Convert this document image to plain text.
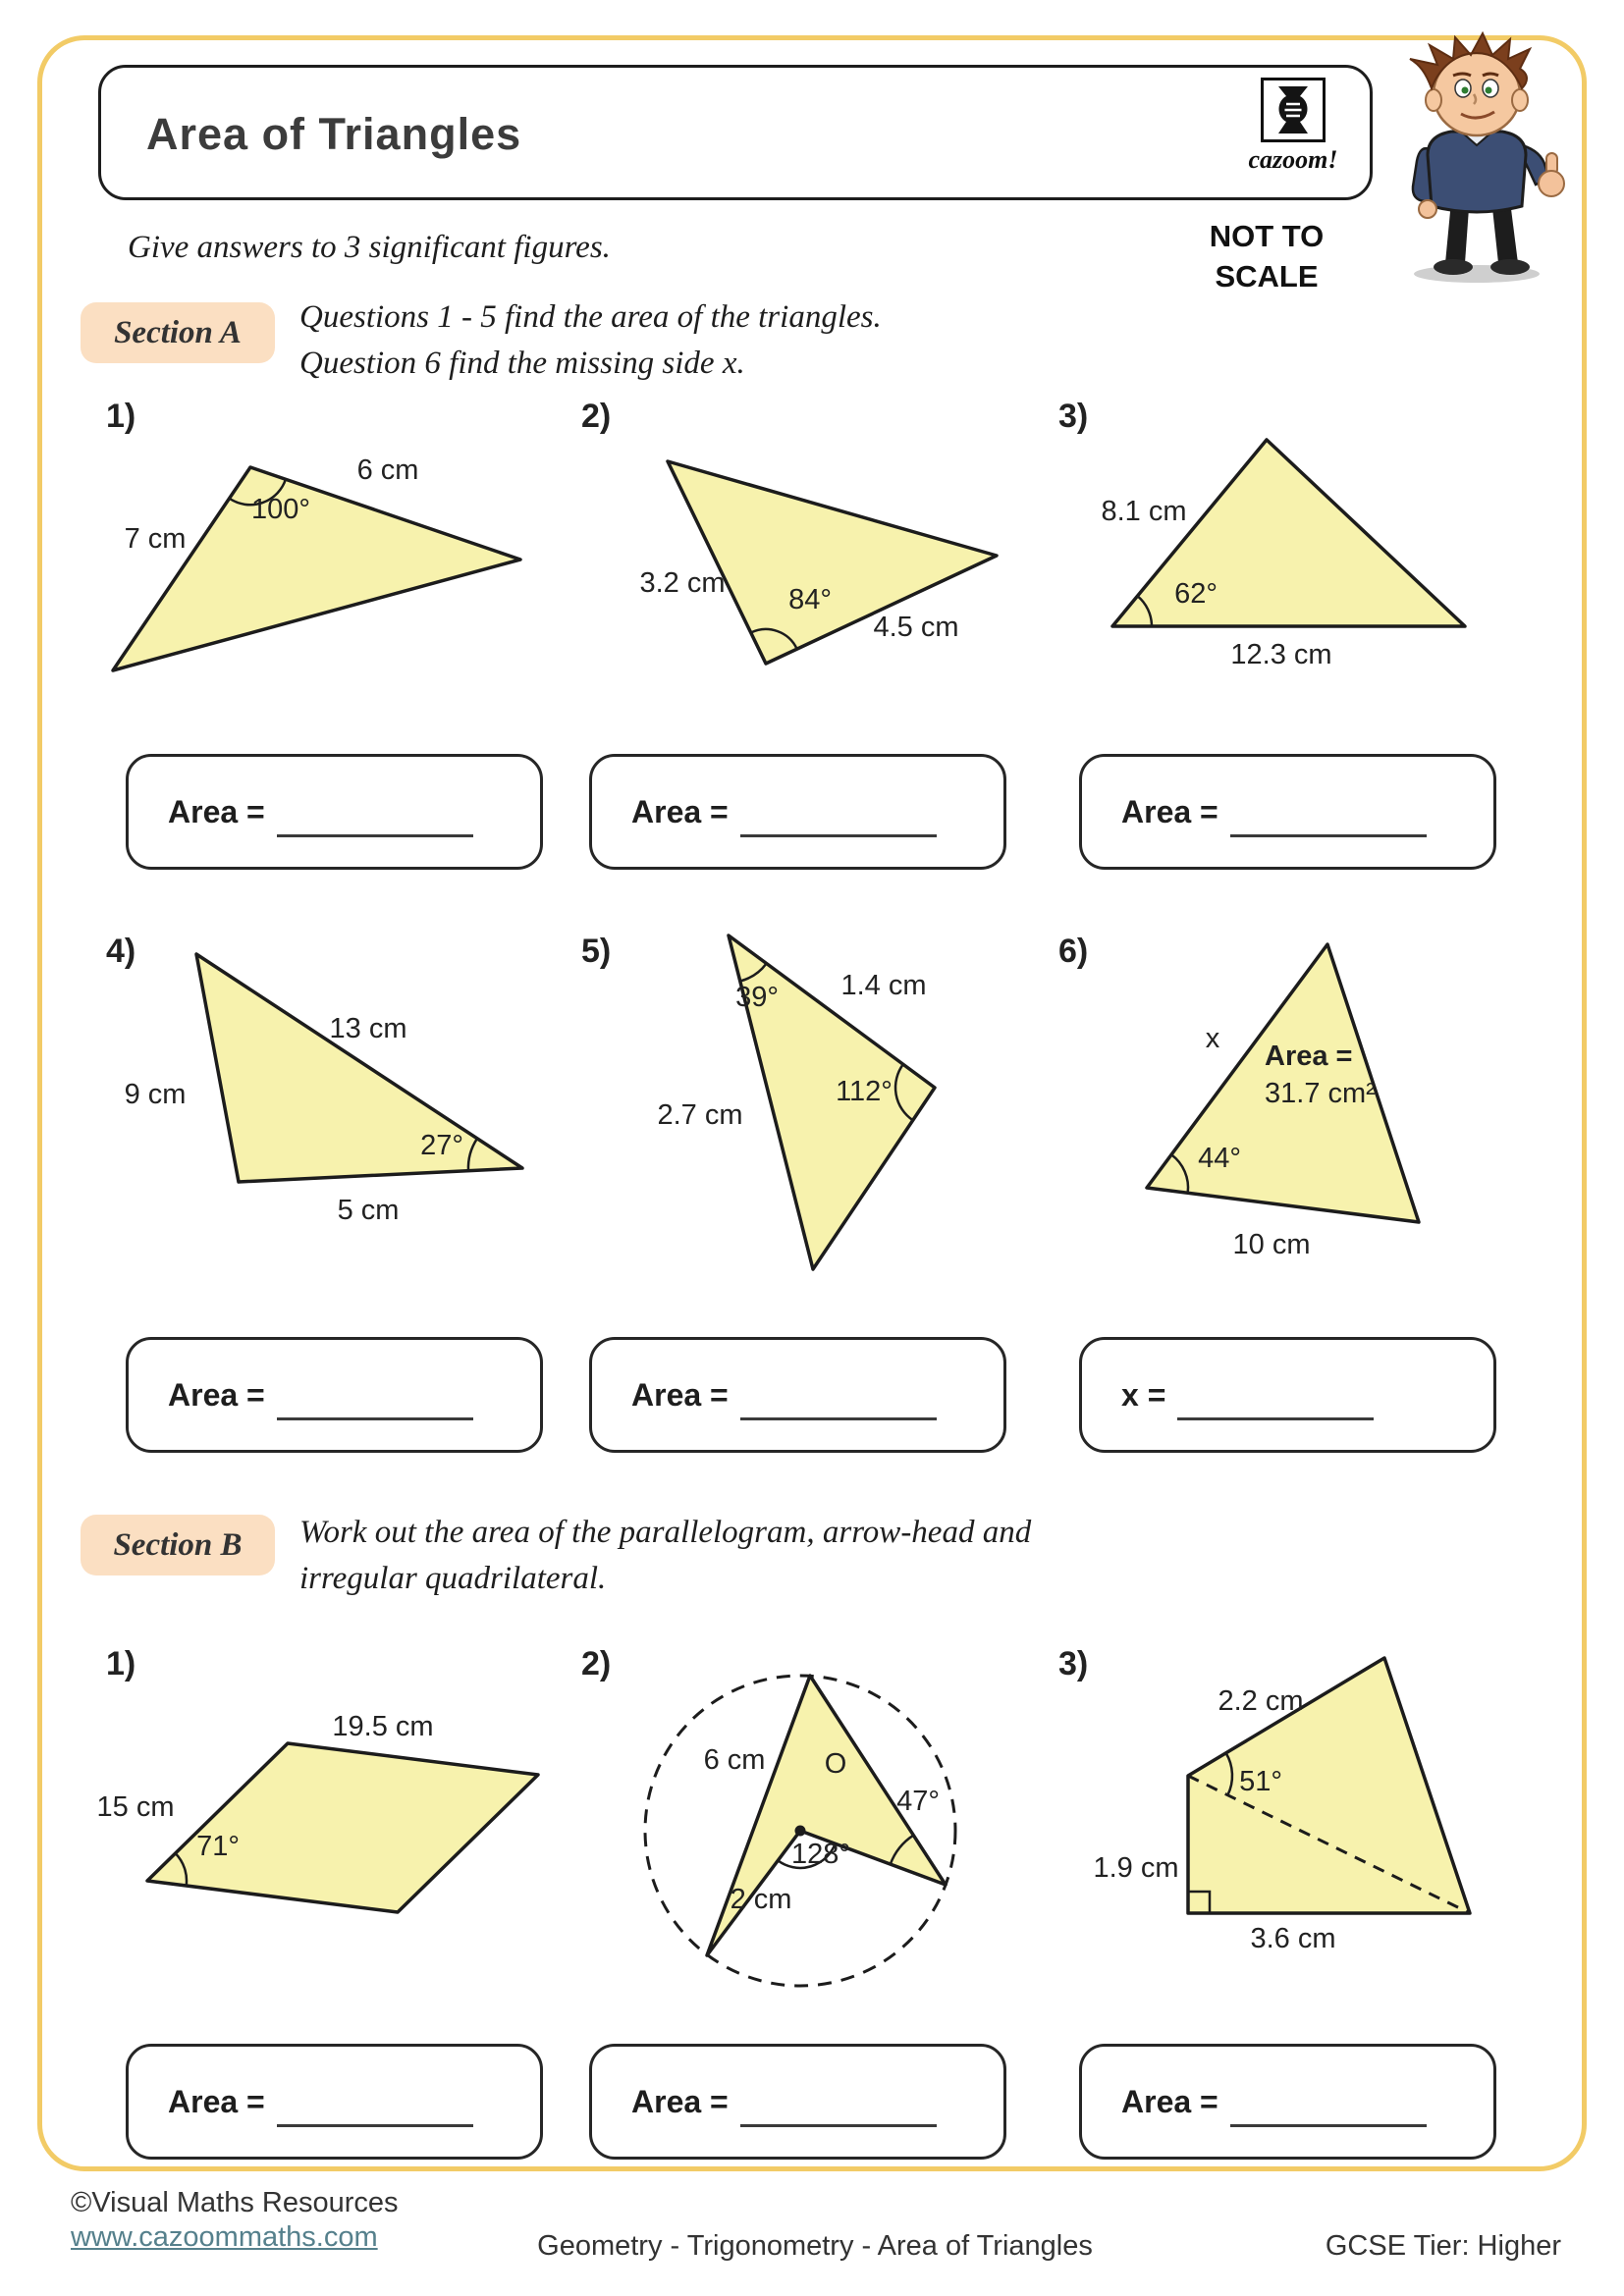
Area of Triangles
cazoom!
Give answers to 3 significant figures.	NOT TO
SCALE
Section A	Questions 1 - 5 find the area of the triangles.
Question 6 find the missing side x.
1)	2)	3)
4)	5)	6)
6 cm
7 cm
100°
3.2 cm
4.5 cm
84°
8.1 cm
62°
12.3 cm
Area =	Area =	Area =
13 cm
9 cm
27°
5 cm
39° 1.4 cm
112°
2.7 cm
x
Area =
31.7 cm²
44°
10 cm
Area =	Area =	x =
Section B	Work out the area of the parallelogram, arrow-head and
irregular quadrilateral.
1)	2)	3)
19.5 cm
15 cm
71°
6 cm O
47°
128°
2 cm
2.2 cm
51°
1.9 cm
3.6 cm
Area =	Area =	Area =
©Visual Maths Resources
www.cazoommaths.com	Geometry - Trigonometry - Area of Triangles	GCSE Tier: Higher
